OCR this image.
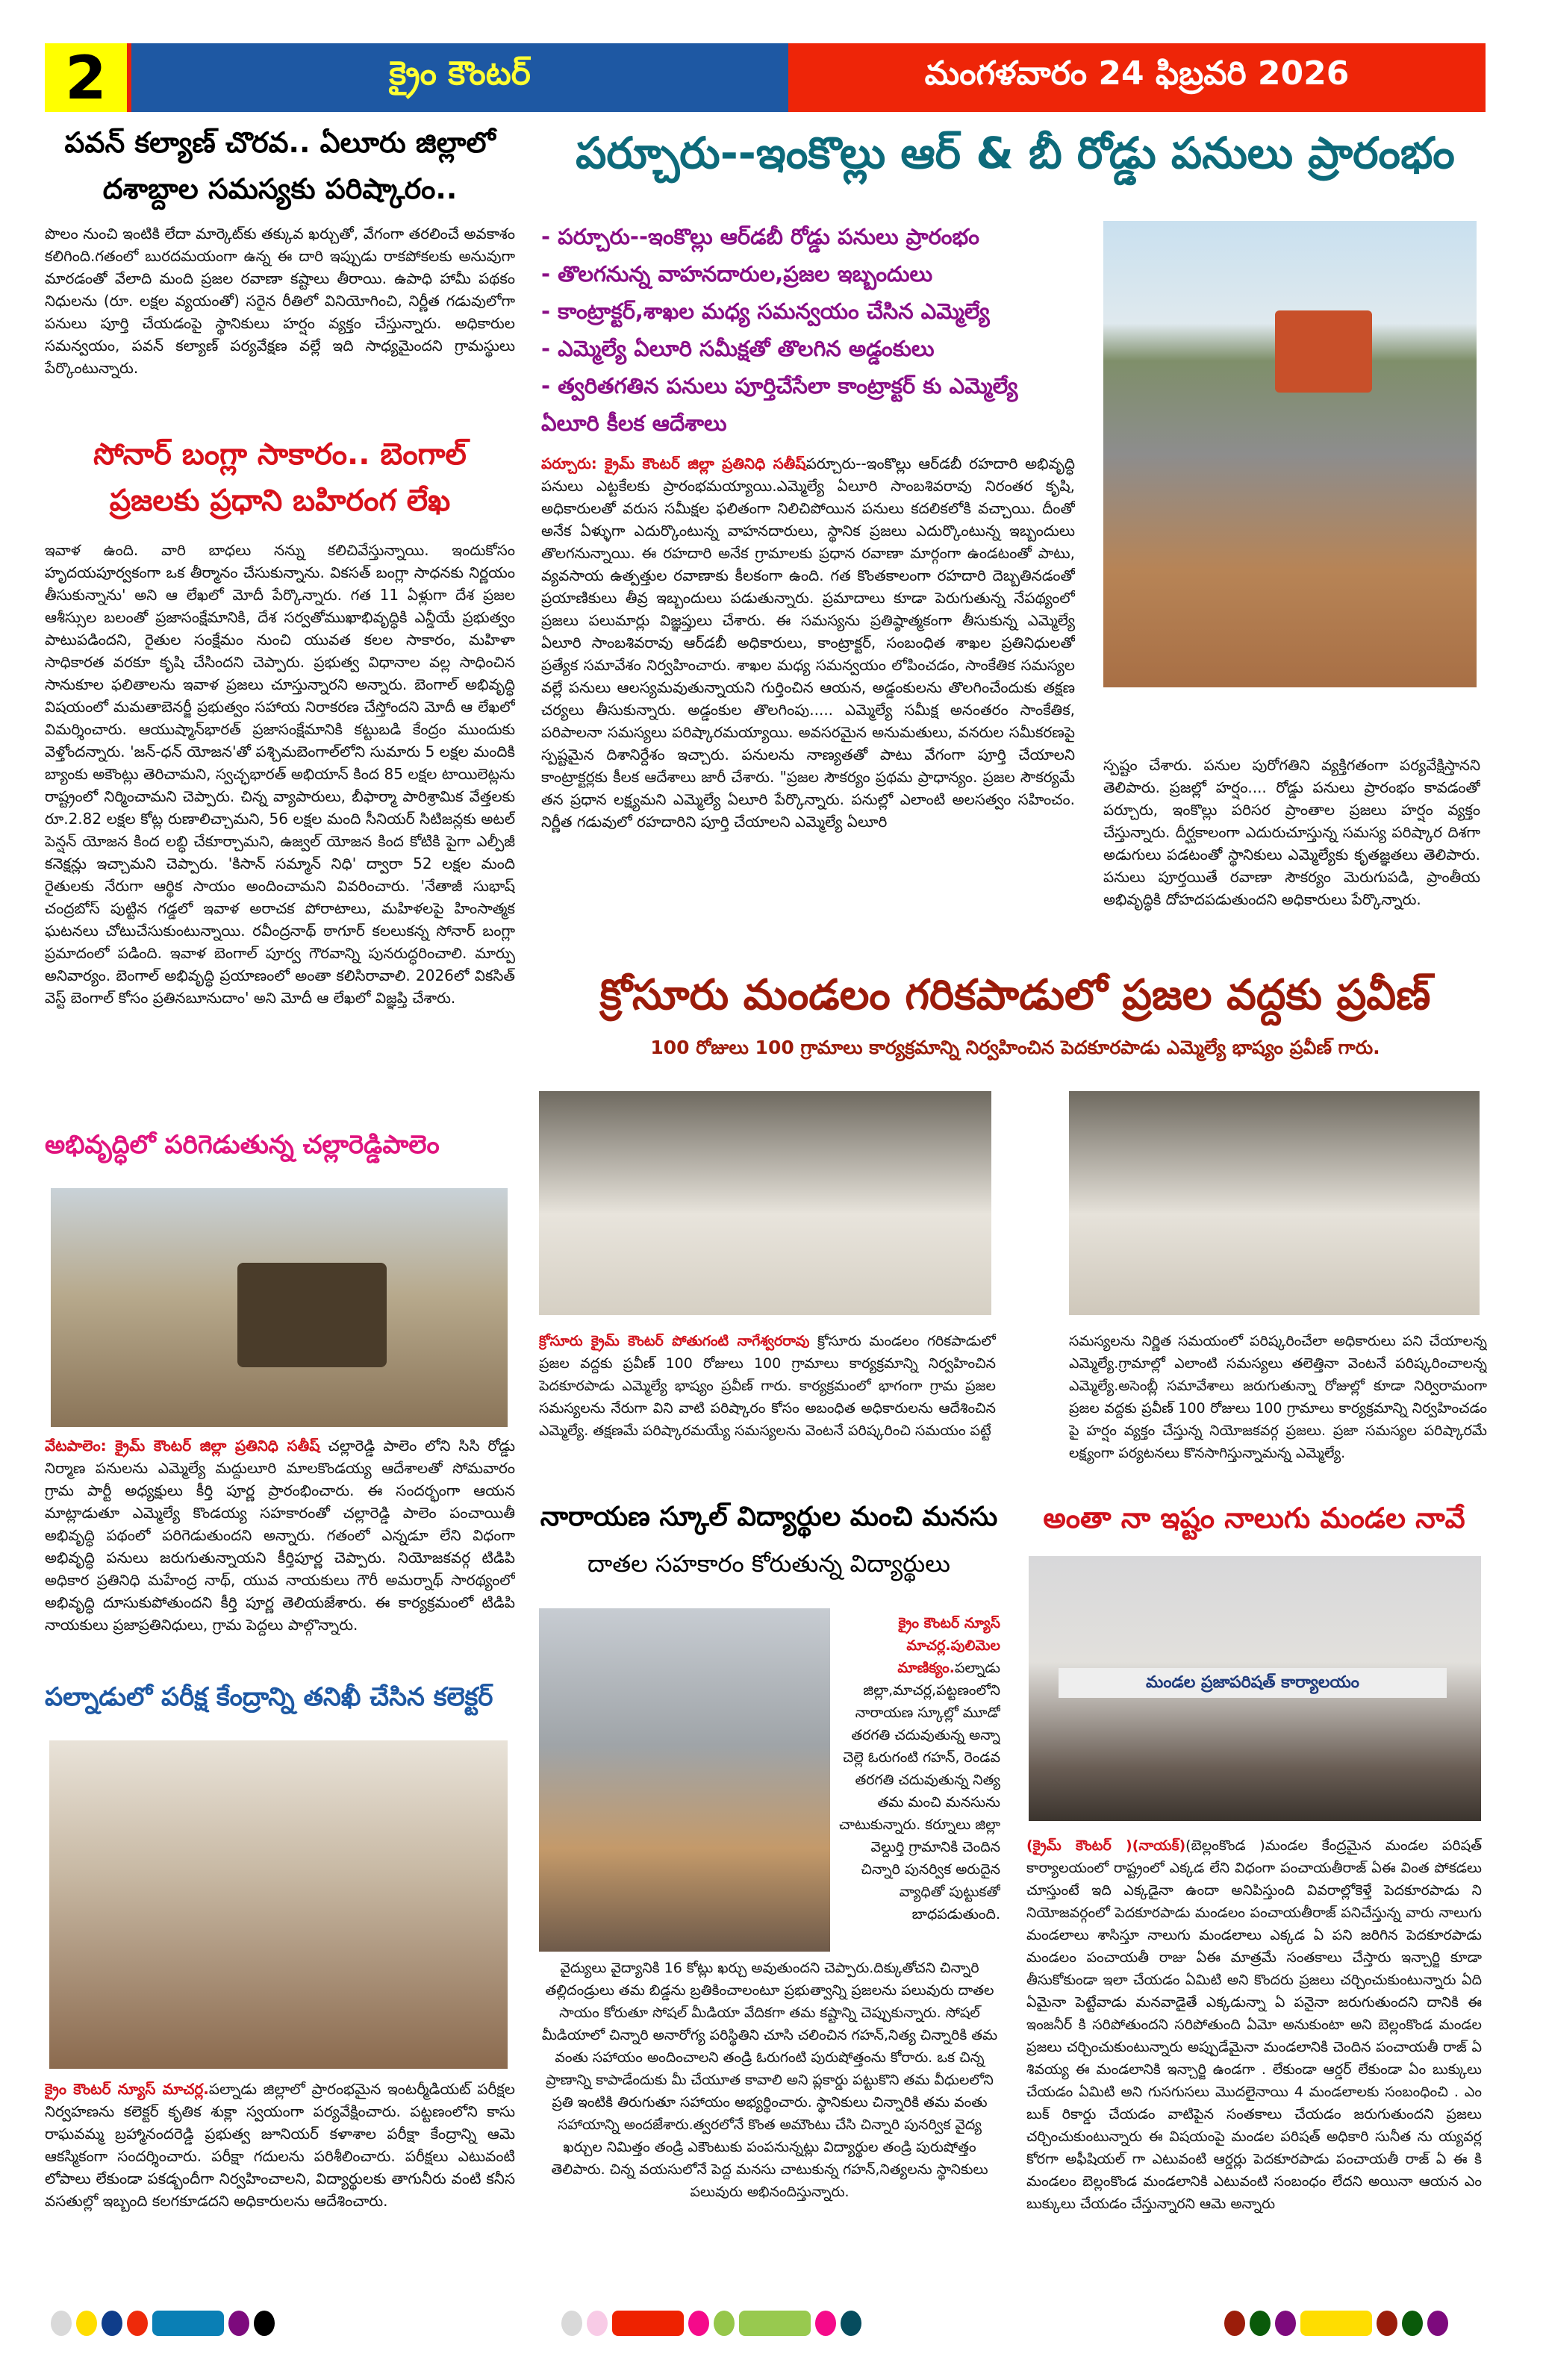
2	క్రైం కౌంటర్	మంగళవారం 24 ఫిబ్రవరి 2026
పవన్ కల్యాణ్ చొరవ.. ఏలూరు జిల్లాలో దశాబ్దాల సమస్యకు పరిష్కారం..
పొలం నుంచి ఇంటికి లేదా మార్కెట్‌కు తక్కువ ఖర్చుతో, వేగంగా తరలించే అవకాశం కలిగింది.గతంలో బురదమయంగా ఉన్న ఈ దారి ఇప్పుడు రాకపోకలకు అనువుగా మారడంతో వేలాది మంది ప్రజల రవాణా కష్టాలు తీరాయి. ఉపాధి హామీ పథకం నిధులను (రూ. లక్షల వ్యయంతో) సరైన రీతిలో వినియోగించి, నిర్ణీత గడువులోగా పనులు పూర్తి చేయడంపై స్థానికులు హర్షం వ్యక్తం చేస్తున్నారు. అధికారుల సమన్వయం, పవన్ కల్యాణ్ పర్యవేక్షణ వల్లే ఇది సాధ్యమైందని గ్రామస్థులు పేర్కొంటున్నారు.
సోనార్ బంగ్లా సాకారం.. బెంగాల్ ప్రజలకు ప్రధాని బహిరంగ లేఖ
ఇవాళ ఉంది. వారి బాధలు నన్ను కలిచివేస్తున్నాయి. ఇందుకోసం హృదయపూర్వకంగా ఒక తీర్మానం చేసుకున్నాను. వికసత్ బంగ్లా సాధనకు నిర్ణయం తీసుకున్నాను' అని ఆ లేఖలో మోదీ పేర్కొన్నారు. గత 11 ఏళ్లుగా దేశ ప్రజల ఆశీస్సుల బలంతో ప్రజాసంక్షేమానికి, దేశ సర్వతోముఖాభివృద్ధికి ఎన్డీయే ప్రభుత్వం పాటుపడిందని, రైతుల సంక్షేమం నుంచి యువత కలల సాకారం, మహిళా సాధికారత వరకూ కృషి చేసిందని చెప్పారు. ప్రభుత్వ విధానాల వల్ల సాధించిన సానుకూల ఫలితాలను ఇవాళ ప్రజలు చూస్తున్నారని అన్నారు. బెంగాల్ అభివృద్ధి విషయంలో మమతాబెనర్జీ ప్రభుత్వం సహాయ నిరాకరణ చేస్తోందని మోదీ ఆ లేఖలో విమర్శించారు. ఆయుష్మాన్‌భారత్ ప్రజాసంక్షేమానికి కట్టుబడి కేంద్రం ముందుకు వెళ్తోందన్నారు. 'జన్-ధన్ యోజన'తో పశ్చిమబెంగాల్‌లోని సుమారు 5 లక్షల మందికి బ్యాంకు అకౌంట్లు తెరిచామని, స్వచ్ఛభారత్ అభియాన్ కింద 85 లక్షల టాయిలెట్లను రాష్ట్రంలో నిర్మించామని చెప్పారు. చిన్న వ్యాపారులు, బీఫార్మా పారిశ్రామిక వేత్తలకు రూ.2.82 లక్షల కోట్ల రుణాలిచ్చామని, 56 లక్షల మంది సీనియర్ సిటిజన్లకు అటల్ పెన్షన్ యోజన కింద లబ్ధి చేకూర్చామని, ఉజ్వల్ యోజన కింద కోటికి పైగా ఎల్పీజీ కనెక్షన్లు ఇచ్చామని చెప్పారు. 'కిసాన్ సమ్మాన్ నిధి' ద్వారా 52 లక్షల మంది రైతులకు నేరుగా ఆర్థిక సాయం అందించామని వివరించారు. 'నేతాజీ సుభాష్ చంద్రబోస్ పుట్టిన గడ్డలో ఇవాళ అరాచక పోరాటాలు, మహిళలపై హింసాత్మక ఘటనలు చోటుచేసుకుంటున్నాయి. రవీంద్రనాథ్ ఠాగూర్ కలలుకన్న సోనార్ బంగ్లా ప్రమాదంలో పడింది. ఇవాళ బెంగాల్ పూర్వ గౌరవాన్ని పునరుద్ధరించాలి. మార్పు అనివార్యం. బెంగాల్ అభివృద్ధి ప్రయాణంలో అంతా కలిసిరావాలి. 2026లో వికసిత్ వెస్ట్ బెంగాల్ కోసం ప్రతినబూనుదాం' అని మోదీ ఆ లేఖలో విజ్ఞప్తి చేశారు.
అభివృద్ధిలో పరిగెడుతున్న చల్లారెడ్డిపాలెం
వేటపాలెం: క్రైమ్ కౌంటర్ జిల్లా ప్రతినిధి సతీష్ చల్లారెడ్డి పాలెం లోని సిసి రోడ్డు నిర్మాణ పనులను ఎమ్మెల్యే మద్దులూరి మాలకొండయ్య ఆదేశాలతో సోమవారం గ్రామ పార్టీ అధ్యక్షులు కీర్తి పూర్ణ ప్రారంభించారు. ఈ సందర్భంగా ఆయన మాట్లాడుతూ ఎమ్మెల్యే కొండయ్య సహకారంతో చల్లారెడ్డి పాలెం పంచాయితీ అభివృద్ధి పథంలో పరిగెడుతుందని అన్నారు. గతంలో ఎన్నడూ లేని విధంగా అభివృద్ధి పనులు జరుగుతున్నాయని కీర్తిపూర్ణ చెప్పారు. నియోజకవర్గ టిడిపి అధికార ప్రతినిధి మహేంద్ర నాథ్, యువ నాయకులు గౌరీ అమర్నాథ్ సారథ్యంలో అభివృద్ధి దూసుకుపోతుందని కీర్తి పూర్ణ తెలియజేశారు. ఈ కార్యక్రమంలో టిడిపి నాయకులు ప్రజాప్రతినిధులు, గ్రామ పెద్దలు పాల్గొన్నారు.
పల్నాడులో పరీక్ష కేంద్రాన్ని తనిఖీ చేసిన కలెక్టర్
క్రైం కౌంటర్ న్యూస్ మాచర్ల.పల్నాడు జిల్లాలో ప్రారంభమైన ఇంటర్మీడియట్ పరీక్షల నిర్వహణను కలెక్టర్ కృతిక శుక్లా స్వయంగా పర్యవేక్షించారు. పట్టణంలోని కాసు రాఘవమ్మ బ్రహ్మానందరెడ్డి ప్రభుత్వ జూనియర్ కళాశాల పరీక్షా కేంద్రాన్ని ఆమె ఆకస్మికంగా సందర్శించారు. పరీక్షా గదులను పరిశీలించారు. పరీక్షలు ఎటువంటి లోపాలు లేకుండా పకడ్బందీగా నిర్వహించాలని, విద్యార్థులకు తాగునీరు వంటి కనీస వసతుల్లో ఇబ్బంది కలగకూడదని అధికారులను ఆదేశించారు.
పర్చూరు--ఇంకొల్లు ఆర్ & బీ రోడ్డు పనులు ప్రారంభం
- పర్చూరు--ఇంకొల్లు ఆర్‌డబీ రోడ్డు పనులు ప్రారంభం
- తొలగనున్న వాహనదారుల,ప్రజల ఇబ్బందులు
- కాంట్రాక్టర్,శాఖల మధ్య సమన్వయం చేసిన ఎమ్మెల్యే
- ఎమ్మెల్యే ఏలూరి సమీక్షతో తొలగిన అడ్డంకులు
- త్వరితగతిన పనులు పూర్తిచేసేలా కాంట్రాక్టర్ కు ఎమ్మెల్యే
ఏలూరి కీలక ఆదేశాలు
పర్చూరు: క్రైమ్ కౌంటర్ జిల్లా ప్రతినిధి సతీష్పర్చూరు--ఇంకొల్లు ఆర్‌డబీ రహదారి అభివృద్ధి పనులు ఎట్టకేలకు ప్రారంభమయ్యాయి.ఎమ్మెల్యే ఏలూరి సాంబశివరావు నిరంతర కృషి, అధికారులతో వరుస సమీక్షల ఫలితంగా నిలిచిపోయిన పనులు కదలికలోకి వచ్చాయి. దీంతో అనేక ఏళ్ళుగా ఎదుర్కొంటున్న వాహనదారులు, స్థానిక ప్రజలు ఎదుర్కొంటున్న ఇబ్బందులు తొలగనున్నాయి. ఈ రహదారి అనేక గ్రామాలకు ప్రధాన రవాణా మార్గంగా ఉండటంతో పాటు, వ్యవసాయ ఉత్పత్తుల రవాణాకు కీలకంగా ఉంది. గత కొంతకాలంగా రహదారి దెబ్బతినడంతో ప్రయాణికులు తీవ్ర ఇబ్బందులు పడుతున్నారు. ప్రమాదాలు కూడా పెరుగుతున్న నేపథ్యంలో ప్రజలు పలుమార్లు విజ్ఞప్తులు చేశారు. ఈ సమస్యను ప్రతిష్ఠాత్మకంగా తీసుకున్న ఎమ్మెల్యే ఏలూరి సాంబశివరావు ఆర్‌డబీ అధికారులు, కాంట్రాక్టర్, సంబంధిత శాఖల ప్రతినిధులతో ప్రత్యేక సమావేశం నిర్వహించారు. శాఖల మధ్య సమన్వయం లోపించడం, సాంకేతిక సమస్యల వల్లే పనులు ఆలస్యమవుతున్నాయని గుర్తించిన ఆయన, అడ్డంకులను తొలగించేందుకు తక్షణ చర్యలు తీసుకున్నారు. అడ్డంకుల తొలగింపు..... ఎమ్మెల్యే సమీక్ష అనంతరం సాంకేతిక, పరిపాలనా సమస్యలు పరిష్కారమయ్యాయి. అవసరమైన అనుమతులు, వనరుల సమీకరణపై స్పష్టమైన దిశానిర్దేశం ఇచ్చారు. పనులను నాణ్యతతో పాటు వేగంగా పూర్తి చేయాలని కాంట్రాక్టర్లకు కీలక ఆదేశాలు జారీ చేశారు. "ప్రజల సౌకర్యం ప్రథమ ప్రాధాన్యం. ప్రజల సౌకర్యమే తన ప్రధాన లక్ష్యమని ఎమ్మెల్యే ఏలూరి పేర్కొన్నారు. పనుల్లో ఎలాంటి అలసత్వం సహించం. నిర్ణీత గడువులో రహదారిని పూర్తి చేయాలని ఎమ్మెల్యే ఏలూరి
స్పష్టం చేశారు. పనుల పురోగతిని వ్యక్తిగతంగా పర్యవేక్షిస్తానని తెలిపారు. ప్రజల్లో హర్షం.... రోడ్డు పనులు ప్రారంభం కావడంతో పర్చూరు, ఇంకొల్లు పరిసర ప్రాంతాల ప్రజలు హర్షం వ్యక్తం చేస్తున్నారు. దీర్ఘకాలంగా ఎదురుచూస్తున్న సమస్య పరిష్కార దిశగా అడుగులు పడటంతో స్థానికులు ఎమ్మెల్యేకు కృతజ్ఞతలు తెలిపారు. పనులు పూర్తయితే రవాణా సౌకర్యం మెరుగుపడి, ప్రాంతీయ అభివృద్ధికి దోహదపడుతుందని అధికారులు పేర్కొన్నారు.
క్రోసూరు మండలం గరికపాడులో ప్రజల వద్దకు ప్రవీణ్
100 రోజులు 100 గ్రామాలు కార్యక్రమాన్ని నిర్వహించిన పెదకూరపాడు ఎమ్మెల్యే భాష్యం ప్రవీణ్ గారు.
క్రోసూరు క్రైమ్ కౌంటర్ పోతుగంటి నాగేశ్వరరావు క్రోసూరు మండలం గరికపాడులో ప్రజల వద్దకు ప్రవీణ్ 100 రోజులు 100 గ్రామాలు కార్యక్రమాన్ని నిర్వహించిన పెదకూరపాడు ఎమ్మెల్యే భాష్యం ప్రవీణ్ గారు. కార్యక్రమంలో భాగంగా గ్రామ ప్రజల సమస్యలను నేరుగా విని వాటి పరిష్కారం కోసం అబంధిత అధికారులను ఆదేశించిన ఎమ్మెల్యే. తక్షణమే పరిష్కారమయ్యే సమస్యలను వెంటనే పరిష్కరించి సమయం పట్టే
సమస్యలను నిర్ణిత సమయంలో పరిష్కరించేలా అధికారులు పని చేయాలన్న ఎమ్మెల్యే.గ్రామాల్లో ఎలాంటి సమస్యలు తలెత్తినా వెంటనే పరిష్కరించాలన్న ఎమ్మెల్యే.అసెంబ్లీ సమావేశాలు జరుగుతున్నా రోజుల్లో కూడా నిర్విరామంగా ప్రజల వద్దకు ప్రవీణ్ 100 రోజులు 100 గ్రామాలు కార్యక్రమాన్ని నిర్వహించడం పై హర్షం వ్యక్తం చేస్తున్న నియోజకవర్గ ప్రజలు. ప్రజా సమస్యల పరిష్కారమే లక్ష్యంగా పర్యటనలు కొనసాగిస్తున్నామన్న ఎమ్మెల్యే.
నారాయణ స్కూల్ విద్యార్థుల మంచి మనసు
దాతల సహకారం కోరుతున్న విద్యార్థులు
క్రైం కౌంటర్ న్యూస్ మాచర్ల.పులిమెల మాణిక్యం.పల్నాడు జిల్లా,మాచర్ల,పట్టణంలోని నారాయణ స్కూల్లో మూడో తరగతి చదువుతున్న అన్నా చెల్లె ఓరుగంటి గహన్, రెండవ తరగతి చదువుతున్న నిత్య తమ మంచి మనసును చాటుకున్నారు. కర్నూలు జిల్లా వెల్దుర్తి గ్రామానికి చెందిన చిన్నారి పునర్విక అరుదైన వ్యాధితో పుట్టుకతో బాధపడుతుంది.
వైద్యులు వైద్యానికి 16 కోట్లు ఖర్చు అవుతుందని చెప్పారు.దిక్కుతోచని చిన్నారి తల్లిదండ్రులు తమ బిడ్డను బ్రతికించాలంటూ ప్రభుత్వాన్ని ప్రజలను పలువురు దాతల సాయం కోరుతూ సోషల్ మీడియా వేదికగా తమ కష్టాన్ని చెప్పుకున్నారు. సోషల్ మీడియాలో చిన్నారి అనారోగ్య పరిస్థితిని చూసి చలించిన గహన్,నిత్య చిన్నారికి తమ వంతు సహాయం అందించాలని తండ్రి ఓరుగంటి పురుషోత్తంను కోరారు. ఒక చిన్న ప్రాణాన్ని కాపాడేందుకు మీ చేయూత కావాలి అని ప్లకార్డు పట్టుకొని తమ వీధులలోని ప్రతి ఇంటికి తిరుగుతూ సహాయం అభ్యర్థించారు. స్థానికులు చిన్నారికి తమ వంతు సహాయాన్ని అందజేశారు.త్వరలోనే కొంత అమౌంటు చేసి చిన్నారి పునర్విక వైద్య ఖర్చుల నిమిత్తం తండ్రి ఎకౌంటుకు పంపనున్నట్లు విద్యార్థుల తండ్రి పురుషోత్తం తెలిపారు. చిన్న వయసులోనే పెద్ద మనసు చాటుకున్న గహన్,నిత్యలను స్థానికులు పలువురు అభినందిస్తున్నారు.
అంతా నా ఇష్టం నాలుగు మండల నావే
మండల ప్రజాపరిషత్ కార్యాలయం
(క్రైమ్ కౌంటర్ )(నాయక్)(బెల్లంకొండ )మండల కేంద్రమైన మండల పరిషత్ కార్యాలయంలో రాష్ట్రంలో ఎక్కడ లేని విధంగా పంచాయతీరాజ్ ఏఈ వింత పోకడలు చూస్తుంటే ఇది ఎక్కడైనా ఉందా అనిపిస్తుంది వివరాల్లోకెళ్తే పెదకూరపాడు ని నియోజవర్గంలో పెదకూరపాడు మండలం పంచాయతీరాజ్ పనిచేస్తున్న వారు నాలుగు మండలాలు శాసిస్తూ నాలుగు మండలాలు ఎక్కడ ఏ పని జరిగిన పెదకూరపాడు మండలం పంచాయతీ రాజు ఏఈ మాత్రమే సంతకాలు చేస్తారు ఇన్చార్జి కూడా తీసుకోకుండా ఇలా చేయడం ఏమిటి అని కొందరు ప్రజలు చర్చించుకుంటున్నారు ఏది ఏమైనా పెట్టేవాడు మనవాడైతే ఎక్కడున్నా ఏ పనైనా జరుగుతుందని దానికి ఈ ఇంజనీర్ కి సరిపోతుందని సరిపోతుంది ఏమో అనుకుంటా అని బెల్లంకొండ మండల ప్రజలు చర్చించుకుంటున్నారు అప్పుడేమైనా మండలానికి చెందిన పంచాయతీ రాజ్ ఏ శివయ్య ఈ మండలానికి ఇన్చార్జి ఉండగా . లేకుండా ఆర్డర్ లేకుండా ఏం బుక్కులు చేయడం ఏమిటి అని గుసగుసలు మొదలైనాయి 4 మండలాలకు సంబంధించి . ఎం బుక్ రికార్డు చేయడం వాటిపైన సంతకాలు చేయడం జరుగుతుందని ప్రజలు చర్చించుకుంటున్నారు ఈ విషయంపై మండల పరిషత్ అధికారి సునీత ను య్యవర్ల కోరగా అఫీషియల్ గా ఎటువంటి ఆర్డర్లు పెదకూరపాడు పంచాయతీ రాజ్ ఏ ఈ కి మండలం బెల్లంకొండ మండలానికి ఎటువంటి సంబంధం లేదని అయినా ఆయన ఎం బుక్కులు చేయడం చేస్తున్నారని ఆమె అన్నారు
